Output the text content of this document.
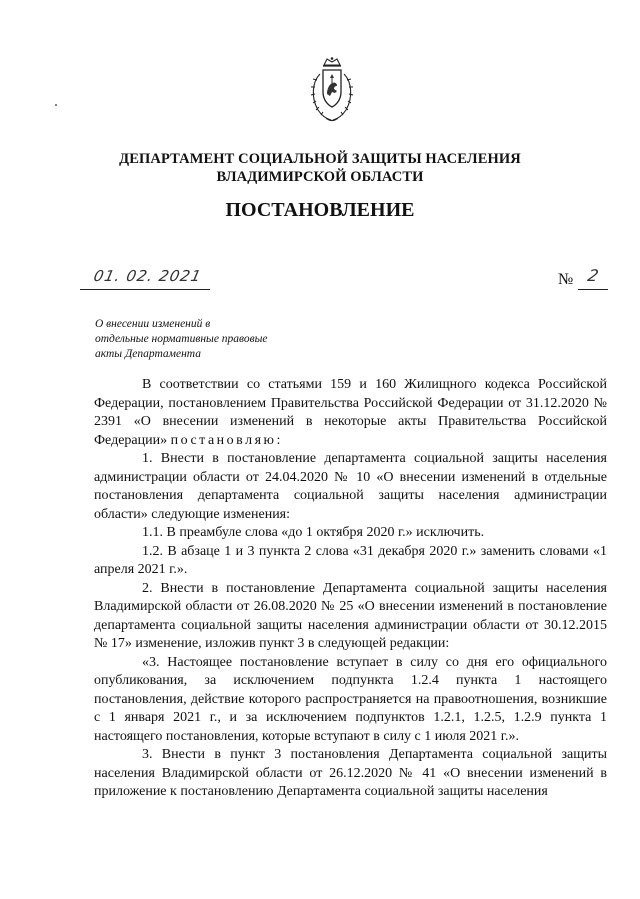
ДЕПАРТАМЕНТ СОЦИАЛЬНОЙ ЗАЩИТЫ НАСЕЛЕНИЯ
ВЛАДИМИРСКОЙ ОБЛАСТИ
ПОСТАНОВЛЕНИЕ
01. 02. 2021	№ 2
О внесении изменений в
отдельные нормативные правовые
акты Департамента

В соответствии со статьями 159 и 160 Жилищного кодекса Российской Федерации, постановлением Правительства Российской Федерации от 31.12.2020 № 2391 «О внесении изменений в некоторые акты Правительства Российской Федерации» постановляю:

1. Внести в постановление департамента социальной защиты населения администрации области от 24.04.2020 № 10 «О внесении изменений в отдельные постановления департамента социальной защиты населения администрации области» следующие изменения:

1.1. В преамбуле слова «до 1 октября 2020 г.» исключить.

1.2. В абзаце 1 и 3 пункта 2 слова «31 декабря 2020 г.» заменить словами «1 апреля 2021 г.».

2. Внести в постановление Департамента социальной защиты населения Владимирской области от 26.08.2020 № 25 «О внесении изменений в постановление департамента социальной защиты населения администрации области от 30.12.2015 № 17» изменение, изложив пункт 3 в следующей редакции:

«3. Настоящее постановление вступает в силу со дня его официального опубликования, за исключением подпункта 1.2.4 пункта 1 настоящего постановления, действие которого распространяется на правоотношения, возникшие с 1 января 2021 г., и за исключением подпунктов 1.2.1, 1.2.5, 1.2.9 пункта 1 настоящего постановления, которые вступают в силу с 1 июля 2021 г.».

3. Внести в пункт 3 постановления Департамента социальной защиты населения Владимирской области от 26.12.2020 № 41 «О внесении изменений в приложение к постановлению Департамента социальной защиты населения
